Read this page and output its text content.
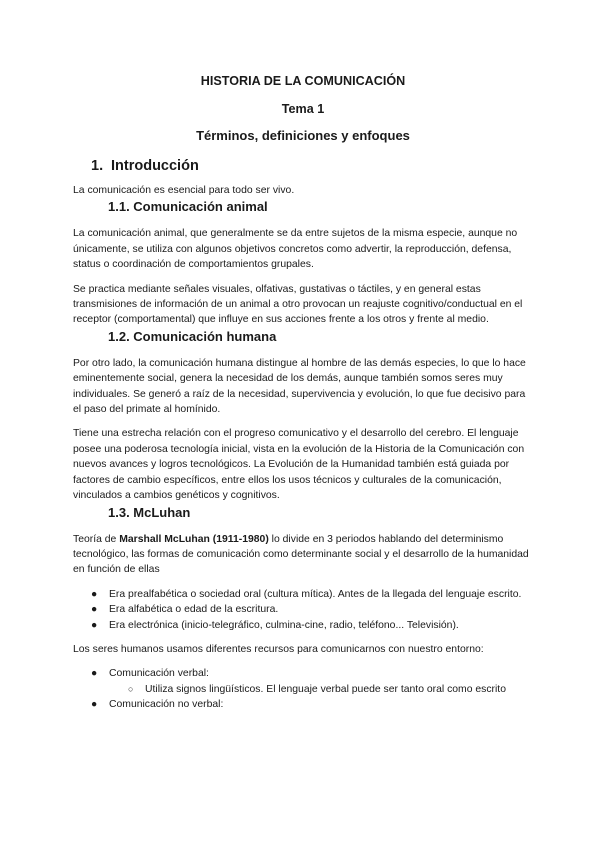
HISTORIA DE LA COMUNICACIÓN

Tema 1

Términos, definiciones y enfoques

1. Introducción

La comunicación es esencial para todo ser vivo.

1.1. Comunicación animal

La comunicación animal, que generalmente se da entre sujetos de la misma especie, aunque no únicamente, se utiliza con algunos objetivos concretos como advertir, la reproducción, defensa, status o coordinación de comportamientos grupales.

Se practica mediante señales visuales, olfativas, gustativas o táctiles, y en general estas transmisiones de información de un animal a otro provocan un reajuste cognitivo/conductual en el receptor (comportamental) que influye en sus acciones frente a los otros y frente al medio.

1.2. Comunicación humana

Por otro lado, la comunicación humana distingue al hombre de las demás especies, lo que lo hace eminentemente social, genera la necesidad de los demás, aunque también somos seres muy individuales. Se generó a raíz de la necesidad, supervivencia y evolución, lo que fue decisivo para el paso del primate al homínido.

Tiene una estrecha relación con el progreso comunicativo y el desarrollo del cerebro. El lenguaje posee una poderosa tecnología inicial, vista en la evolución de la Historia de la Comunicación con nuevos avances y logros tecnológicos. La Evolución de la Humanidad también está guiada por factores de cambio específicos, entre ellos los usos técnicos y culturales de la comunicación, vinculados a cambios genéticos y cognitivos.

1.3. McLuhan

Teoría de Marshall McLuhan (1911-1980) lo divide en 3 periodos hablando del determinismo tecnológico, las formas de comunicación como determinante social y el desarrollo de la humanidad en función de ellas

● Era prealfabética o sociedad oral (cultura mítica). Antes de la llegada del lenguaje escrito.
● Era alfabética o edad de la escritura.
● Era electrónica (inicio-telegráfico, culmina-cine, radio, teléfono... Televisión).

Los seres humanos usamos diferentes recursos para comunicarnos con nuestro entorno:

● Comunicación verbal:
○ Utiliza signos lingüísticos. El lenguaje verbal puede ser tanto oral como escrito
● Comunicación no verbal:
